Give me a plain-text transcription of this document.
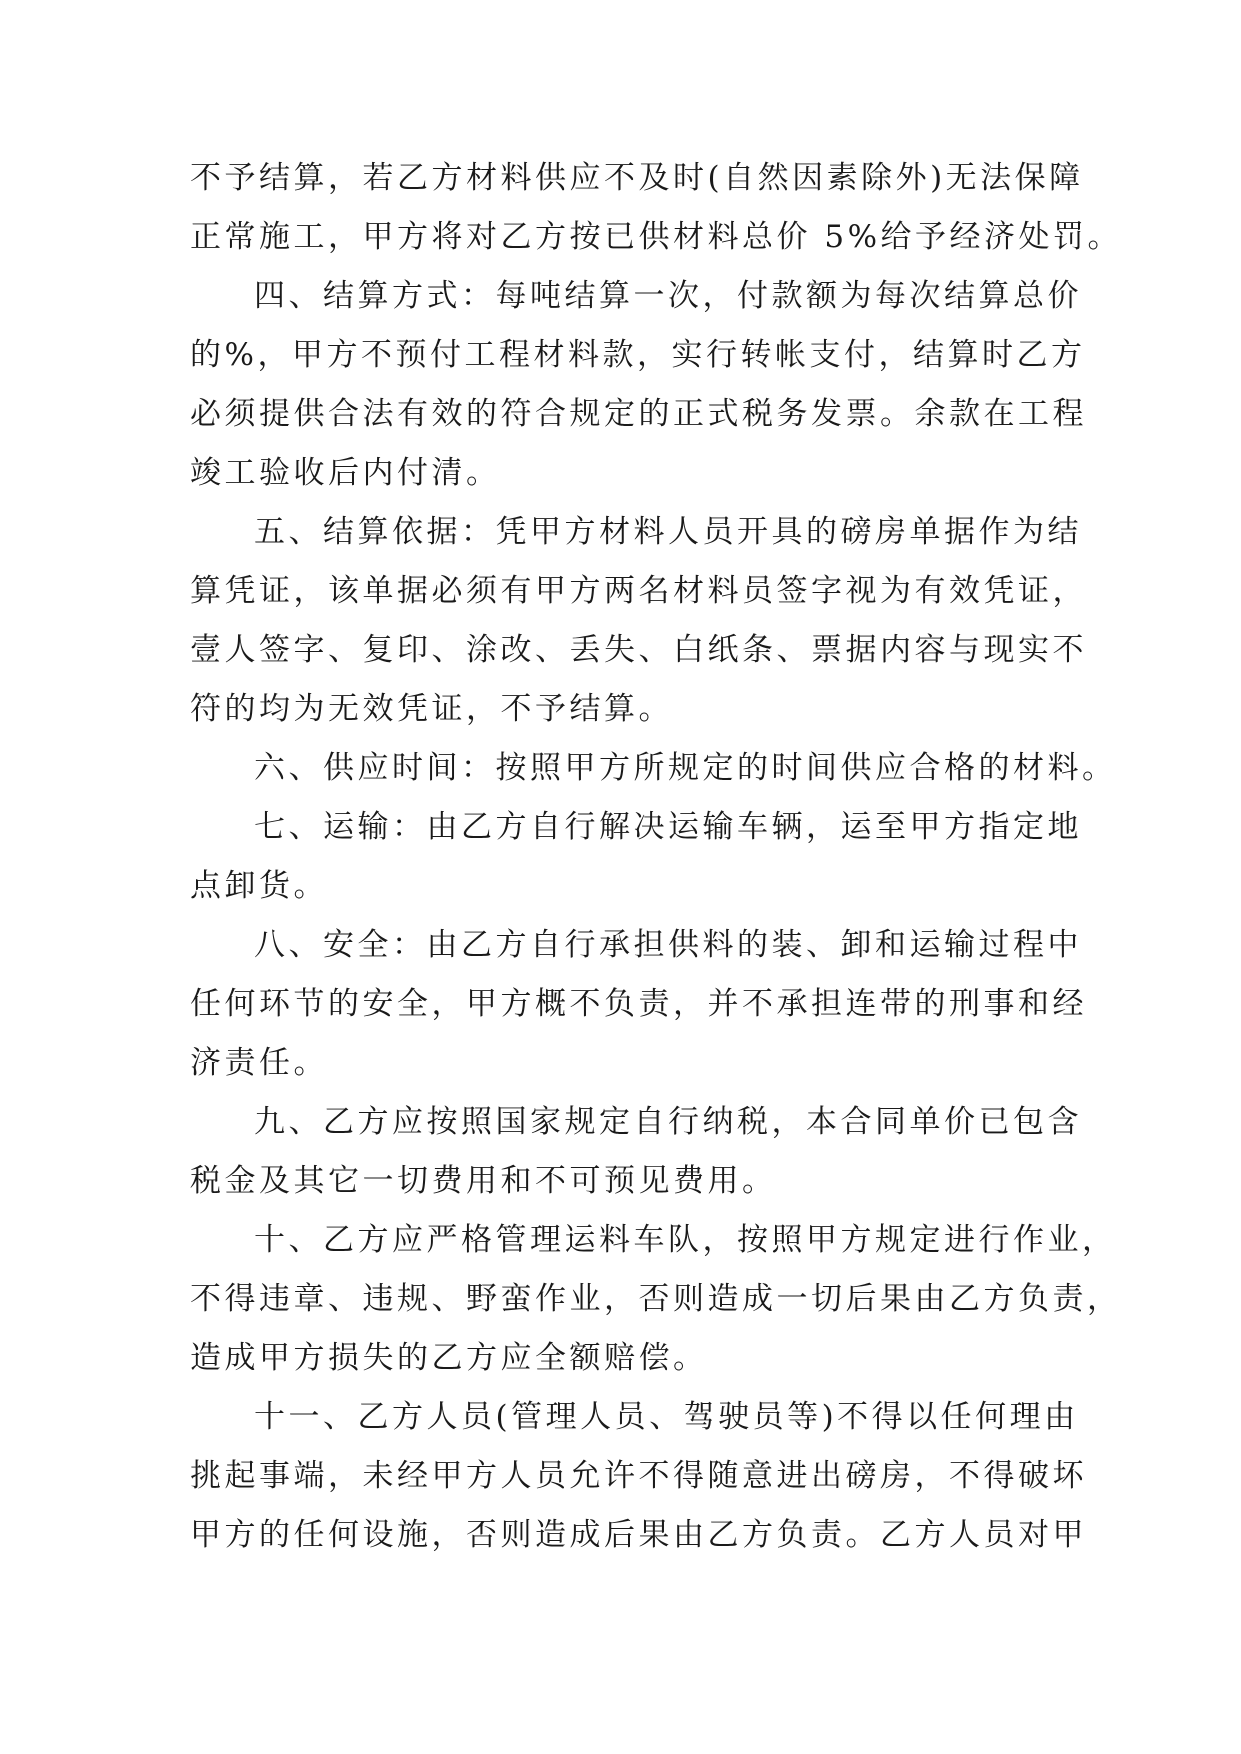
不予结算，若乙方材料供应不及时(自然因素除外)无法保障
正常施工，甲方将对乙方按已供材料总价 5%给予经济处罚。
四、结算方式：每吨结算一次，付款额为每次结算总价
的%，甲方不预付工程材料款，实行转帐支付，结算时乙方
必须提供合法有效的符合规定的正式税务发票。余款在工程
竣工验收后内付清。
五、结算依据：凭甲方材料人员开具的磅房单据作为结
算凭证，该单据必须有甲方两名材料员签字视为有效凭证，
壹人签字、复印、涂改、丢失、白纸条、票据内容与现实不
符的均为无效凭证，不予结算。
六、供应时间：按照甲方所规定的时间供应合格的材料。
七、运输：由乙方自行解决运输车辆，运至甲方指定地
点卸货。
八、安全：由乙方自行承担供料的装、卸和运输过程中
任何环节的安全，甲方概不负责，并不承担连带的刑事和经
济责任。
九、乙方应按照国家规定自行纳税，本合同单价已包含
税金及其它一切费用和不可预见费用。
十、乙方应严格管理运料车队，按照甲方规定进行作业，
不得违章、违规、野蛮作业，否则造成一切后果由乙方负责，
造成甲方损失的乙方应全额赔偿。
十一、乙方人员(管理人员、驾驶员等)不得以任何理由
挑起事端，未经甲方人员允许不得随意进出磅房，不得破坏
甲方的任何设施，否则造成后果由乙方负责。乙方人员对甲
